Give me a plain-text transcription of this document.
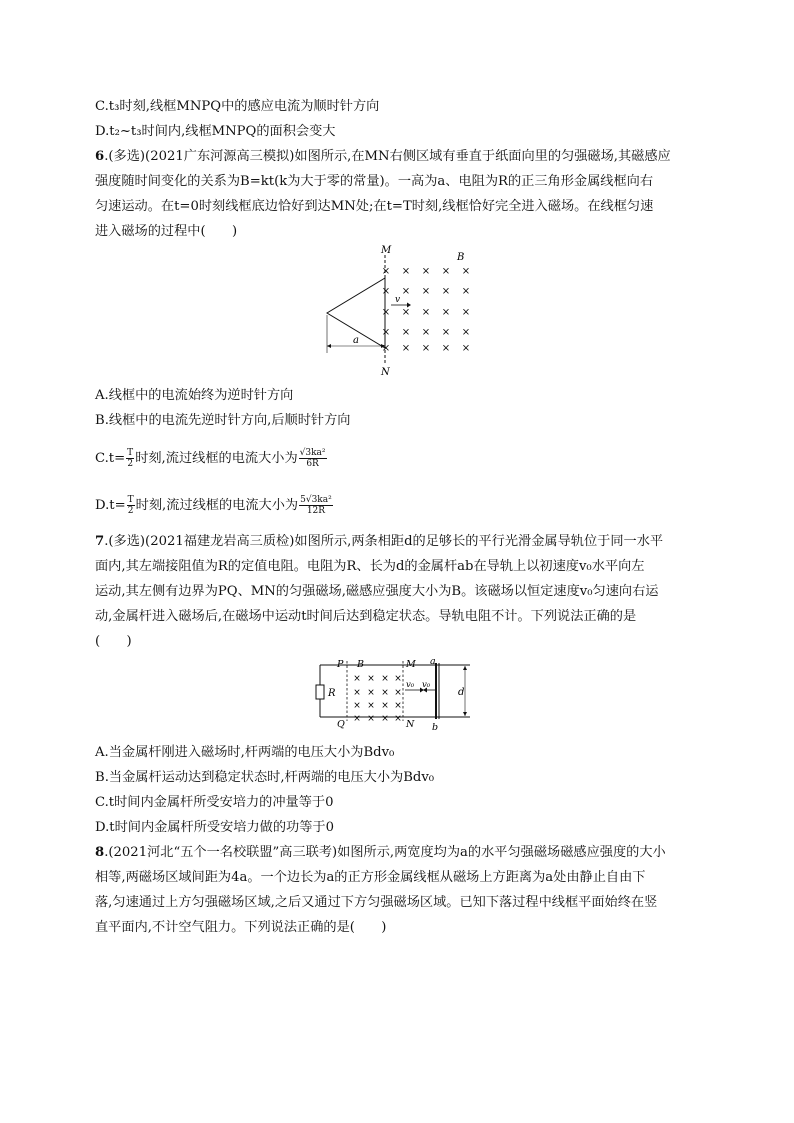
C.t₃时刻,线框MNPQ中的感应电流为顺时针方向
D.t₂~t₃时间内,线框MNPQ的面积会变大
6.(多选)(2021广东河源高三模拟)如图所示,在MN右侧区域有垂直于纸面向里的匀强磁场,其磁感应
强度随时间变化的关系为B=kt(k为大于零的常量)。一高为a、电阻为R的正三角形金属线框向右
匀速运动。在t=0时刻线框底边恰好到达MN处;在t=T时刻,线框恰好完全进入磁场。在线框匀速
进入磁场的过程中(　　)
M
N
B
v
a
×
×
×
×
×
×
×
×
×
×
×
×
×
×
×
×
×
×
×
×
×
×
×
×
×
A.线框中的电流始终为逆时针方向
B.线框中的电流先逆时针方向,后顺时针方向
$C.t= \frac{T}{2}$ 时刻,流过线框的电流大小为 $\frac{\text{√3ka²}}{6R}$
$D.t= \frac{T}{2}$ 时刻,流过线框的电流大小为 $\frac{\text{5√3ka²}}{12R}$
7.(多选)(2021福建龙岩高三质检)如图所示,两条相距d的足够长的平行光滑金属导轨位于同一水平
面内,其左端接阻值为R的定值电阻。电阻为R、长为d的金属杆ab在导轨上以初速度v₀水平向左
运动,其左侧有边界为PQ、MN的匀强磁场,磁感应强度大小为B。该磁场以恒定速度v₀匀速向右运
动,金属杆进入磁场后,在磁场中运动t时间后达到稳定状态。导轨电阻不计。下列说法正确的是
(　　)
R
P
Q
M
N
B
v₀ v₀
a
b
d
×
×
×
×
×
×
×
×
×
×
×
×
×
×
×
×
A.当金属杆刚进入磁场时,杆两端的电压大小为Bdv₀
B.当金属杆运动达到稳定状态时,杆两端的电压大小为Bdv₀
C.t时间内金属杆所受安培力的冲量等于0
D.t时间内金属杆所受安培力做的功等于0
8.(2021河北“五个一名校联盟”高三联考)如图所示,两宽度均为a的水平匀强磁场磁感应强度的大小
相等,两磁场区域间距为4a。一个边长为a的正方形金属线框从磁场上方距离为a处由静止自由下
落,匀速通过上方匀强磁场区域,之后又通过下方匀强磁场区域。已知下落过程中线框平面始终在竖
直平面内,不计空气阻力。下列说法正确的是(　　)
